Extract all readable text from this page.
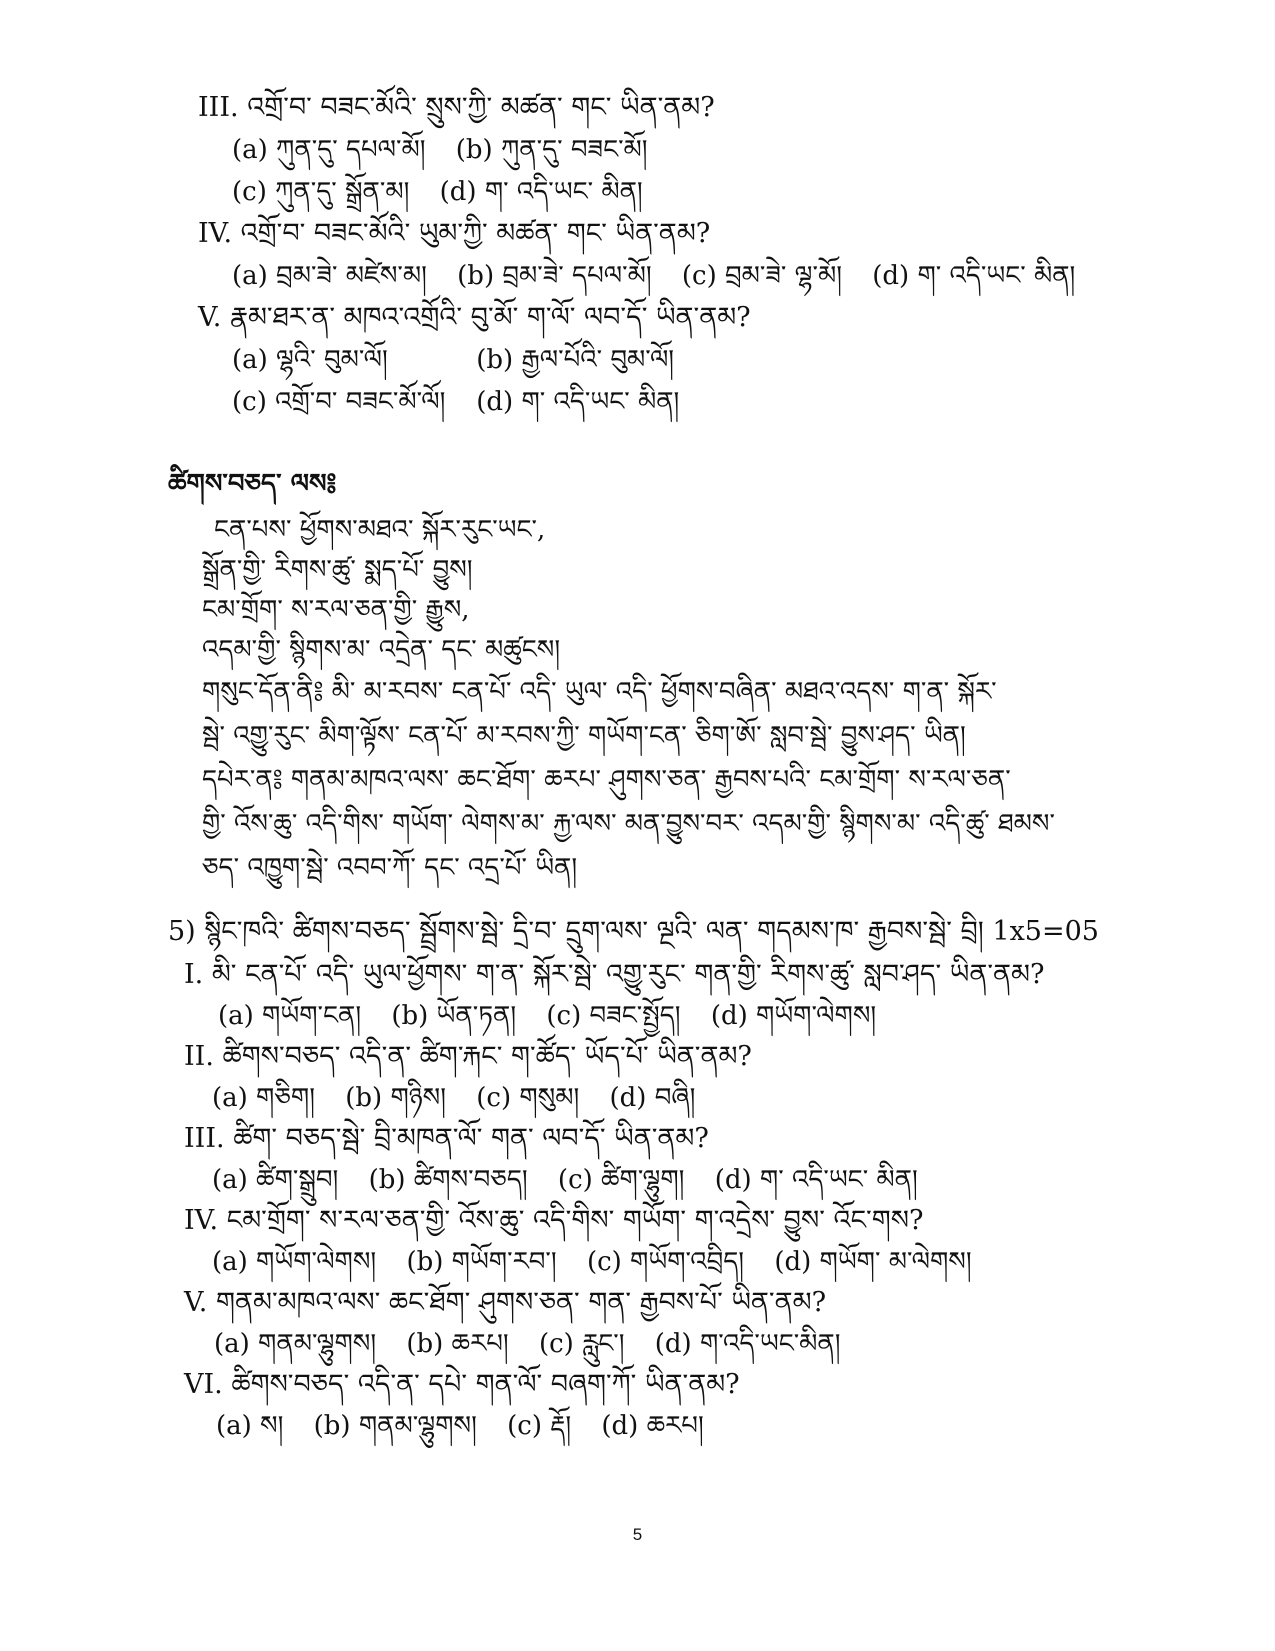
III. འགྲོ་བ་ བཟང་མོའི་ སྲུས་ཀྱི་ མཚན་ གང་ ཡིན་ནམ?
(a) ཀུན་དུ་ དཔལ་མོ། (b) ཀུན་དུ་ བཟང་མོ།
(c) ཀུན་དུ་ སྒྲོན་མ། (d) ག་ འདི་ཡང་ མིན།
IV. འགྲོ་བ་ བཟང་མོའི་ ཡུམ་ཀྱི་ མཚན་ གང་ ཡིན་ནམ?
(a) བྲམ་ཟེ་ མཛེས་མ། (b) བྲམ་ཟེ་ དཔལ་མོ། (c) བྲམ་ཟེ་ ལྷ་མོ། (d) ག་ འདི་ཡང་ མིན།
V. རྣམ་ཐར་ན་ མཁའ་འགྲོའི་ བུ་མོ་ ག་ལོ་ ལབ་དོ་ ཡིན་ནམ?
(a) ལྷའི་ བུམ་ལོ།	(b) རྒྱལ་པོའི་ བུམ་ལོ།
(c) འགྲོ་བ་ བཟང་མོ་ལོ། (d) ག་ འདི་ཡང་ མིན།
ཚིགས་བཅད་ ལས༔
ངན་པས་ ཕྱོགས་མཐའ་ སྐོར་རུང་ཡང་,
སྒྲོན་གྱི་ རིགས་ཚུ་ སྨད་པོ་ བྱུས།
ངམ་གྲོག་ ས་རལ་ཅན་གྱི་ རྒྱུས,
འདམ་གྱི་ སྙིགས་མ་ འདྲེན་ དང་ མཚུངས།
གསུང་དོན་ནི༔ མི་ མ་རབས་ ངན་པོ་ འདི་ ཡུལ་ འདི་ ཕྱོགས་བཞིན་ མཐའ་འདས་ ག་ན་ སྐོར་
སྦེ་ འགྱུ་རུང་ མིག་ལྟོས་ ངན་པོ་ མ་རབས་ཀྱི་ གཡོག་ངན་ ཅིག་ཨོ་ སླབ་སྦེ་ བྱུས་ཤད་ ཡིན།
དཔེར་ན༔ གནམ་མཁའ་ལས་ ཆང་ཐོག་ ཆརཔ་ ཤུགས་ཅན་ རྒྱབས་པའི་ ངམ་གྲོག་ ས་རལ་ཅན་
གྱི་ འོས་ཆུ་ འདི་གིས་ གཡོག་ ལེགས་མ་ རྐྱ་ལས་ མན་བྱུས་བར་ འདམ་གྱི་ སྙིགས་མ་ འདི་ཚུ་ ཐམས་
ཅད་ འཁྱུག་སྦེ་ འབབ་ཀོ་ དང་ འདྲ་པོ་ ཡིན།
5) སྙིང་ཁའི་ ཚིགས་བཅད་ སྦྲོགས་སྦེ་ དྲི་བ་ དྲུག་ལས་ ལྔའི་ ལན་ གདམས་ཁ་ རྒྱབས་སྦེ་ བྲི། 1x5=05
I. མི་ ངན་པོ་ འདི་ ཡུལ་ཕྱོགས་ ག་ན་ སྐོར་སྦེ་ འགྱུ་རུང་ གན་གྱི་ རིགས་ཚུ་ སླབ་ཤད་ ཡིན་ནམ?
(a) གཡོག་ངན། (b) ཡོན་ཏན། (c) བཟང་སྤྱོད། (d) གཡོག་ལེགས།
II. ཚིགས་བཅད་ འདི་ན་ ཚིག་རྐང་ ག་ཚོད་ ཡོད་པོ་ ཡིན་ནམ?
(a) གཅིག། (b) གཉིས། (c) གསུམ། (d) བཞི།
III. ཚིག་ བཅད་སྦེ་ བྲི་མཁན་ལོ་ གན་ ལབ་དོ་ ཡིན་ནམ?
(a) ཚིག་སྒྲུབ། (b) ཚིགས་བཅད། (c) ཚིག་ལྷུག། (d) ག་ འདི་ཡང་ མིན།
IV. ངམ་གྲོག་ ས་རལ་ཅན་གྱི་ འོས་ཆུ་ འདི་གིས་ གཡོག་ ག་འདྲེས་ བྱུས་ འོང་གས?
(a) གཡོག་ལེགས། (b) གཡོག་རབ་། (c) གཡོག་འབྲིད། (d) གཡོག་ མ་ལེགས།
V. གནམ་མཁའ་ལས་ ཆང་ཐོག་ ཤུགས་ཅན་ གན་ རྒྱབས་པོ་ ཡིན་ནམ?
(a) གནམ་ལྷུགས། (b) ཆརཔ། (c) རླུང་། (d) ག་འདི་ཡང་མིན།
VI. ཚིགས་བཅད་ འདི་ན་ དཔེ་ གན་ལོ་ བཞག་ཀོ་ ཡིན་ནམ?
(a) ས། (b) གནམ་ལྷུགས། (c) རྡོ། (d) ཆརཔ།
5
